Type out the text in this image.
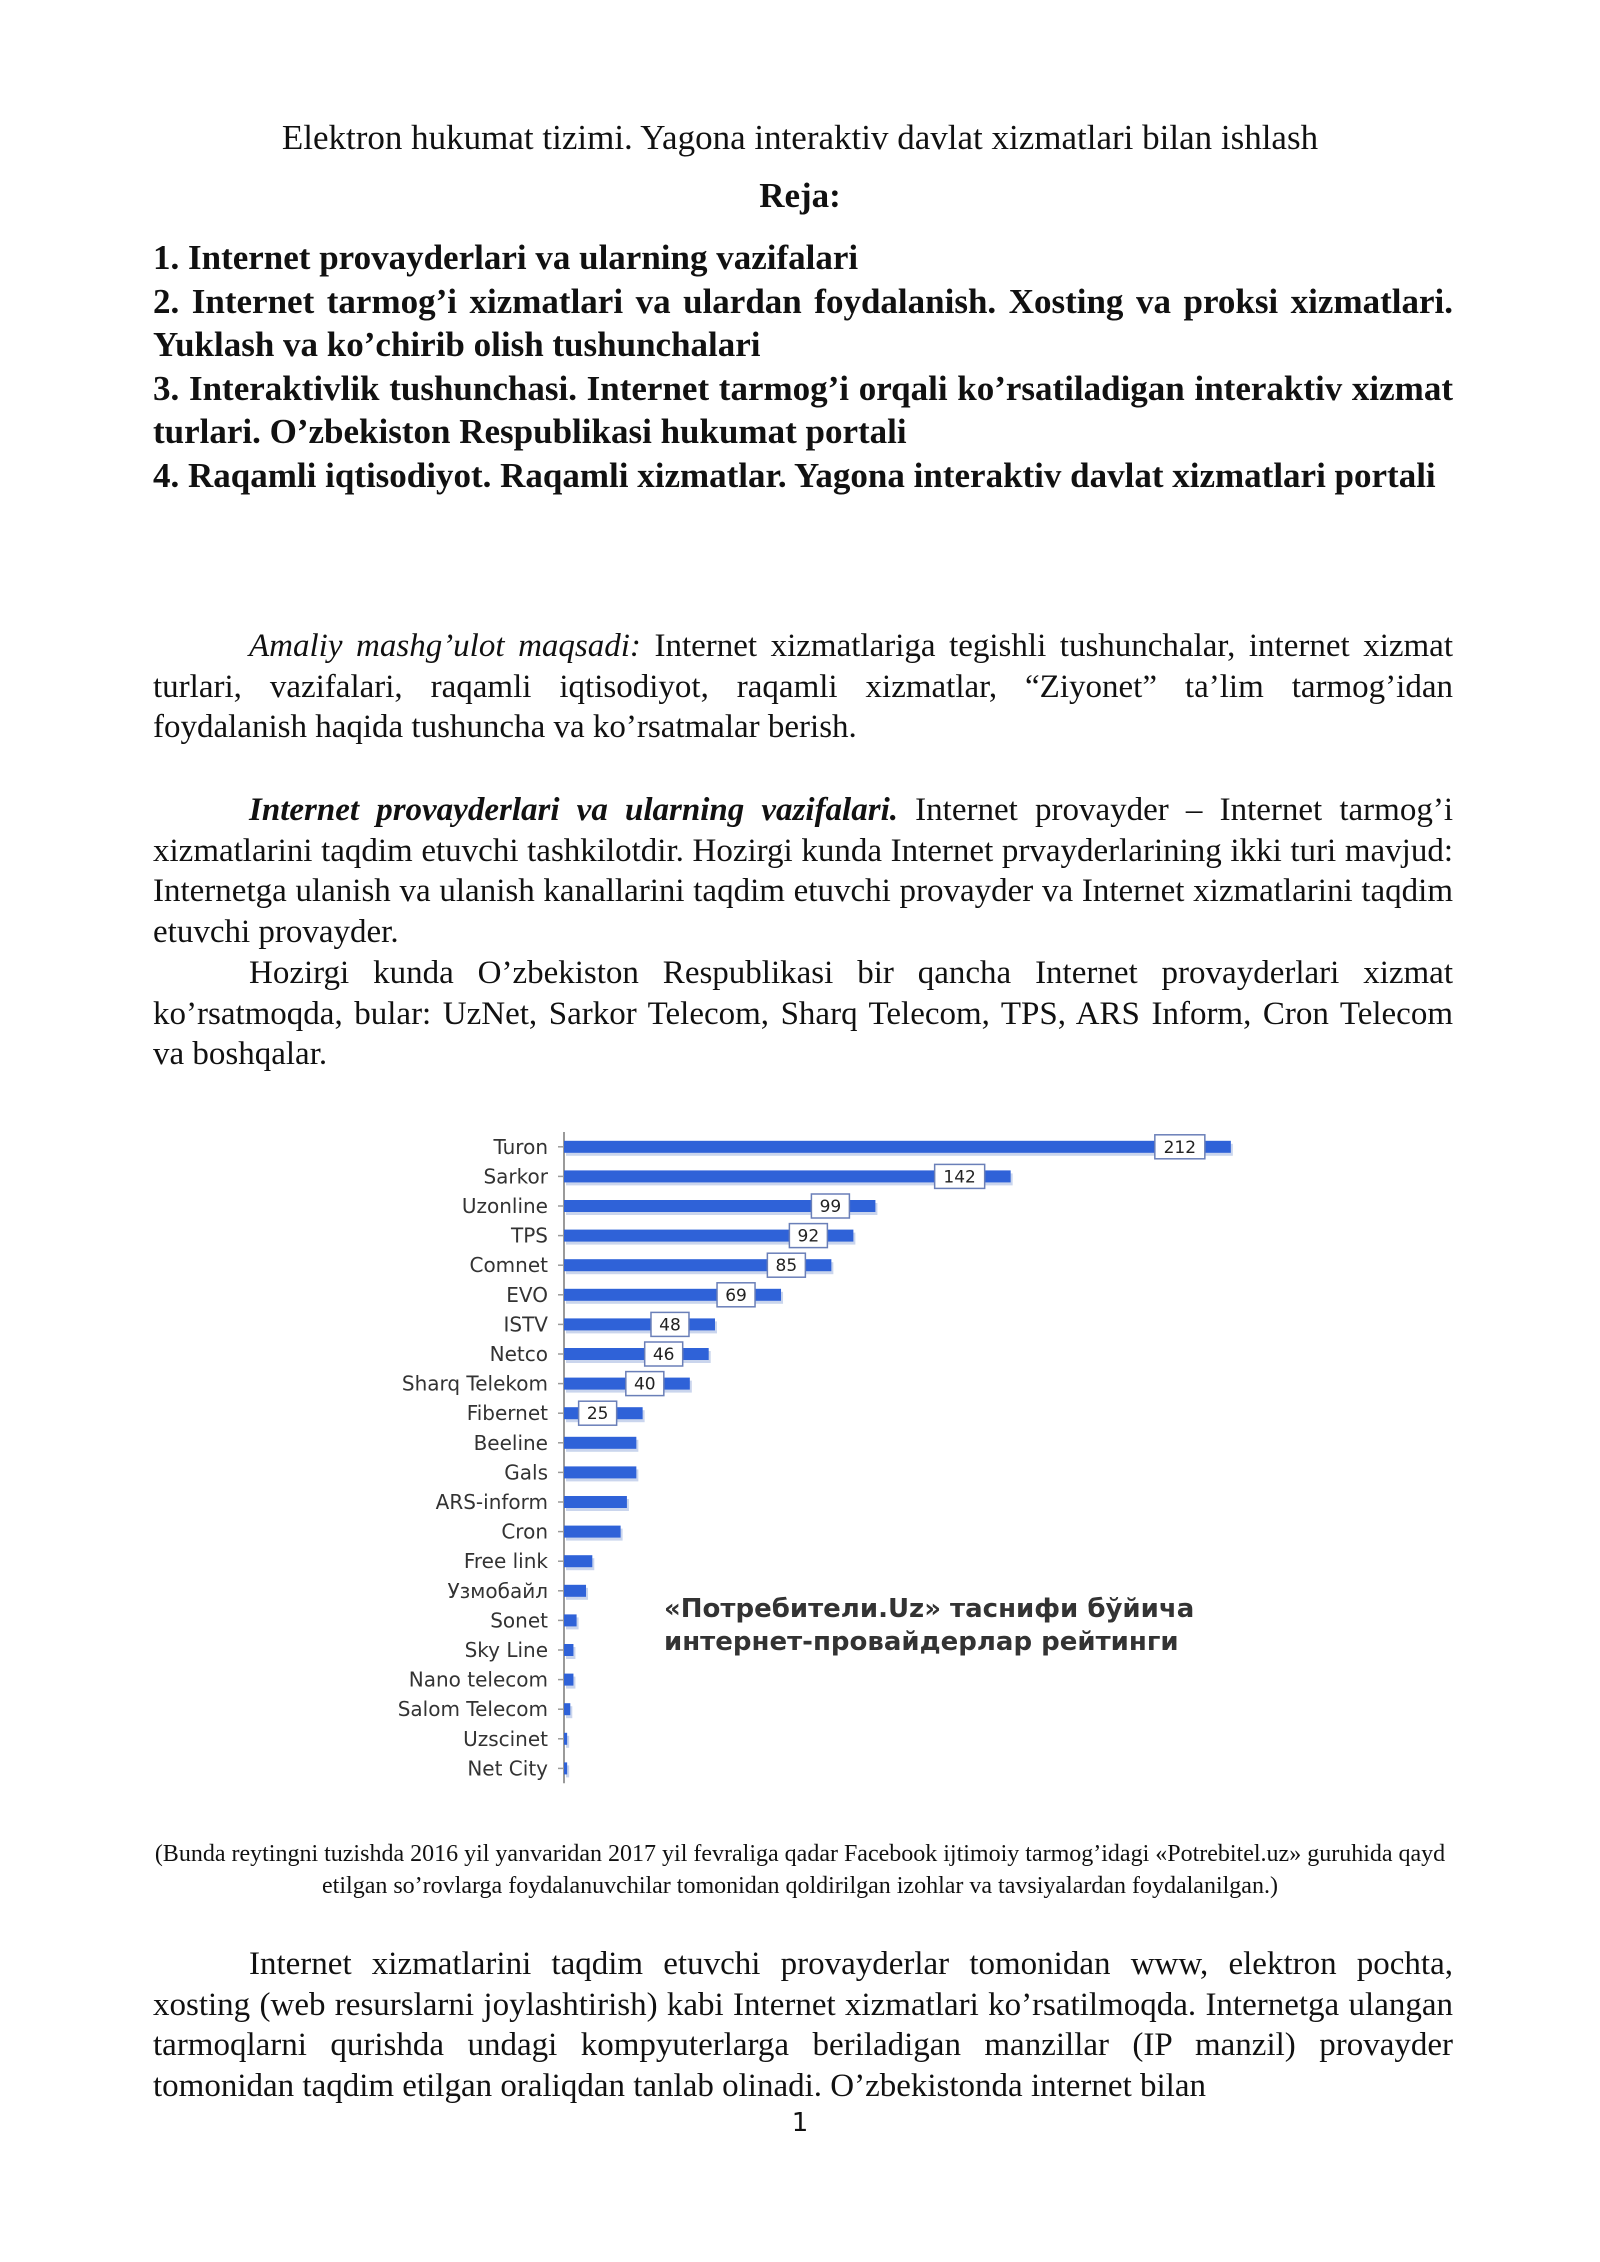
Elektron hukumat tizimi. Yagona interaktiv davlat xizmatlari bilan ishlash
Reja:

1. Internet provayderlari va ularning vazifalari

2. Internet tarmog’i xizmatlari va ulardan foydalanish. Xosting va proksi xizmatlari. Yuklash va ko’chirib olish tushunchalari

3. Interaktivlik tushunchasi. Internet tarmog’i orqali ko’rsatiladigan interaktiv xizmat turlari. O’zbekiston Respublikasi hukumat portali

4. Raqamli iqtisodiyot. Raqamli xizmatlar. Yagona interaktiv davlat xizmatlari portali

Amaliy mashg’ulot maqsadi: Internet xizmatlariga tegishli tushunchalar, internet xizmat turlari, vazifalari, raqamli iqtisodiyot, raqamli xizmatlar, “Ziyonet” ta’lim tarmog’idan foydalanish haqida tushuncha va ko’rsatmalar berish.

Internet provayderlari va ularning vazifalari. Internet provayder – Internet tarmog’i xizmatlarini taqdim etuvchi tashkilotdir. Hozirgi kunda Internet prvayderlarining ikki turi mavjud: Internetga ulanish va ulanish kanallarini taqdim etuvchi provayder va Internet xizmatlarini taqdim etuvchi provayder.

Hozirgi kunda O’zbekiston Respublikasi bir qancha Internet provayderlari xizmat ko’rsatmoqda, bular: UzNet, Sarkor Telecom, Sharq Telecom, TPS, ARS Inform, Cron Telecom va boshqalar.

Turon	212
Sarkor	142
Uzonline	99
TPS	92
Comnet	85
EVO	69
ISTV	48
Netco	46
Sharq Telekom	40
Fibernet 25
Beeline
Gals
ARS-inform
Cron
Free link
Узмобайл
Sonet
Sky Line
Nano telecom
Salom Telecom
Uzscinet
Net City
«Потребители.Uz» таснифи бўйича
интернет-провайдерлар рейтинги
(Bunda reytingni tuzishda 2016 yil yanvaridan 2017 yil fevraliga qadar Facebook ijtimoiy tarmog’idagi «Potrebitel.uz» guruhida qayd etilgan so’rovlarga foydalanuvchilar tomonidan qoldirilgan izohlar va tavsiyalardan foydalanilgan.)

Internet xizmatlarini taqdim etuvchi provayderlar tomonidan www, elektron pochta, xosting (web resurslarni joylashtirish) kabi Internet xizmatlari ko’rsatilmoqda. Internetga ulangan tarmoqlarni qurishda undagi kompyuterlarga beriladigan manzillar (IP manzil) provayder tomonidan taqdim etilgan oraliqdan tanlab olinadi. O’zbekistonda internet bilan

1
